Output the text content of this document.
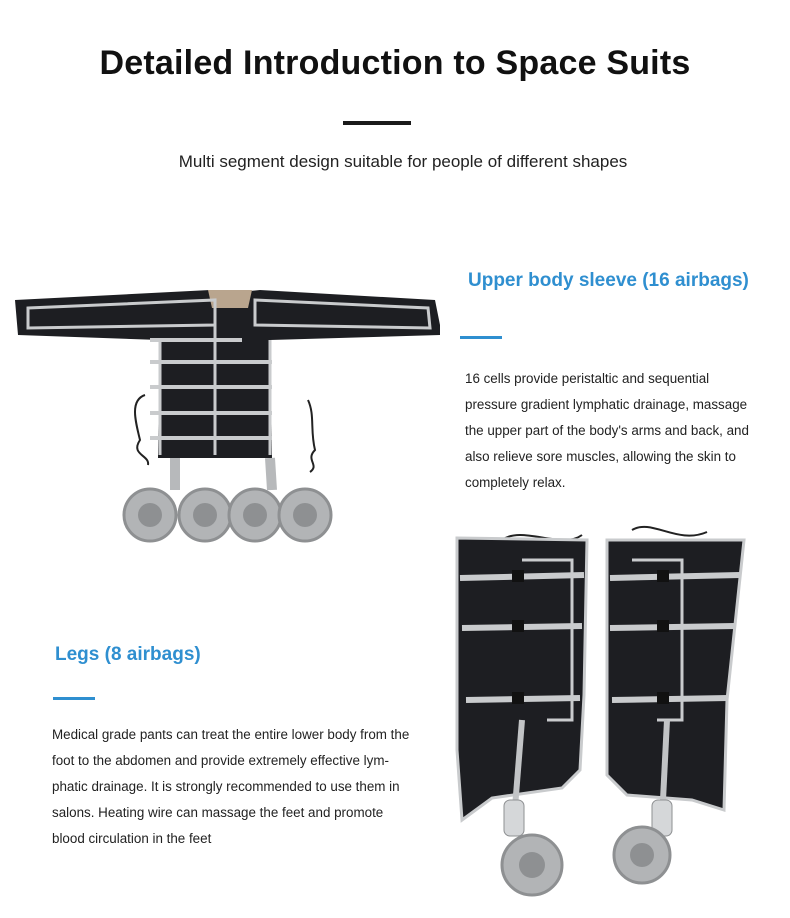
Detailed Introduction to Space Suits
Multi segment design suitable for people of different shapes
Upper body sleeve (16 airbags)
16 cells provide peristaltic and sequential
pressure gradient lymphatic drainage, massage
the upper part of the body's arms and back, and
also relieve sore muscles, allowing the skin to
completely relax.
Legs (8 airbags)
Medical grade pants can treat the entire lower body from the
foot to the abdomen and provide extremely effective lym-
phatic drainage. It is strongly recommended to use them in
salons. Heating wire can massage the feet and promote
blood circulation in the feet
